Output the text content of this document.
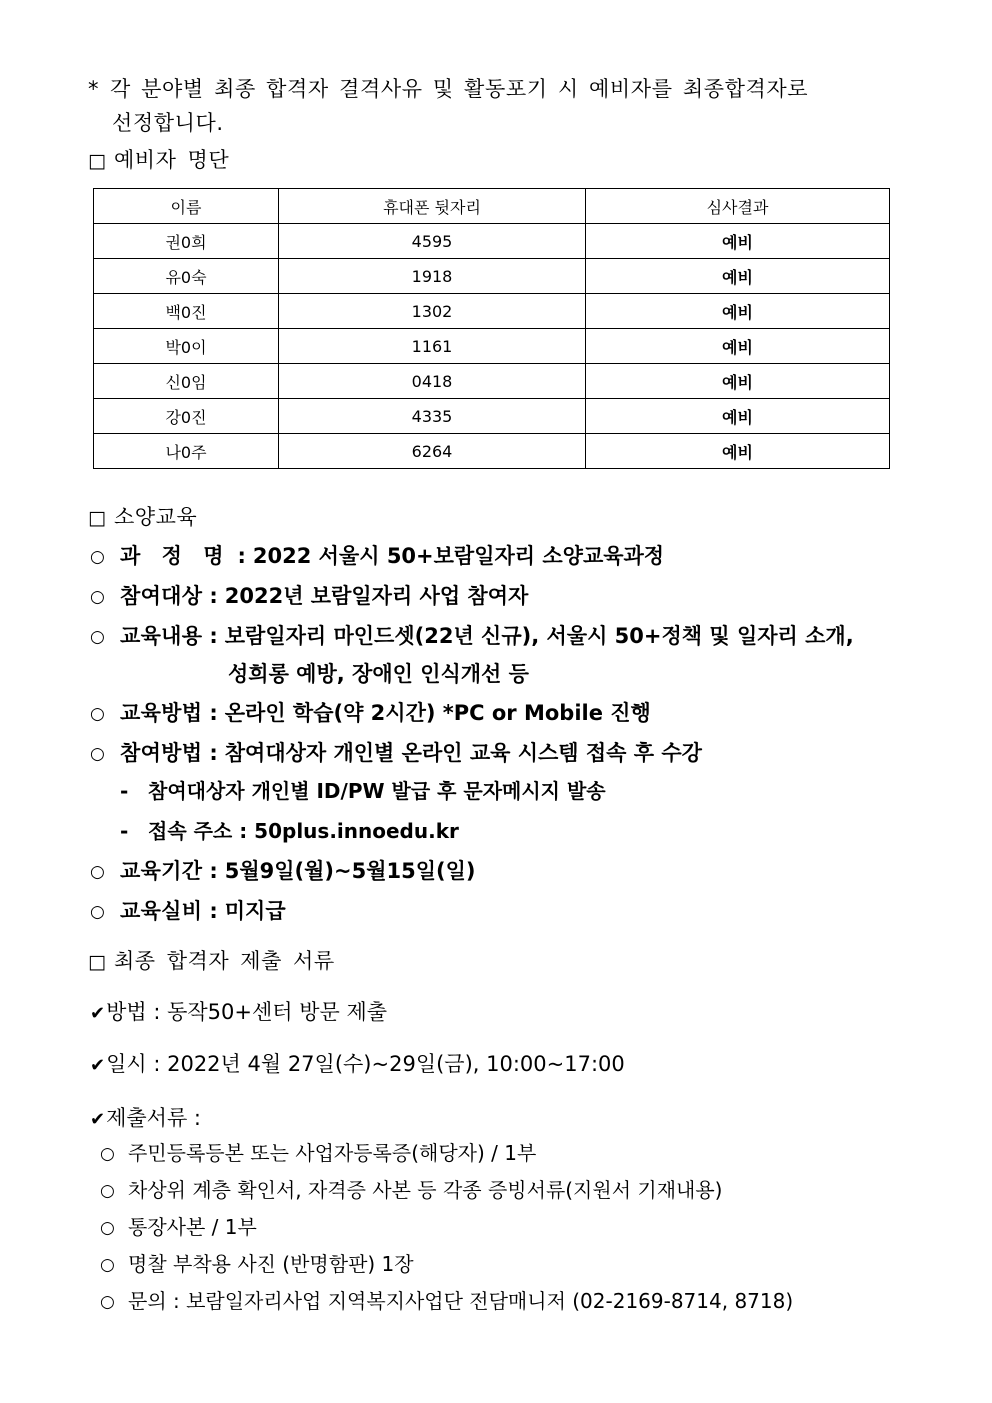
* 각 분야별 최종 합격자 결격사유 및 활동포기 시 예비자를 최종합격자로
선정합니다.
□ 예비자 명단
이름	휴대폰 뒷자리	심사결과
권0희	4595	예비
유0숙	1918	예비
백0진	1302	예비
박0이	1161	예비
신0임	0418	예비
강0진	4335	예비
나0주	6264	예비
□ 소양교육
○ 과 정 명 : 2022 서울시 50+보람일자리 소양교육과정
○ 참여대상 : 2022년 보람일자리 사업 참여자
○ 교육내용 : 보람일자리 마인드셋(22년 신규), 서울시 50+정책 및 일자리 소개,
성희롱 예방, 장애인 인식개선 등
○ 교육방법 : 온라인 학습(약 2시간) *PC or Mobile 진행
○ 참여방법 : 참여대상자 개인별 온라인 교육 시스템 접속 후 수강
- 참여대상자 개인별 ID/PW 발급 후 문자메시지 발송
- 접속 주소 : 50plus.innoedu.kr
○ 교육기간 : 5월9일(월)~5월15일(일)
○ 교육실비 : 미지급
□ 최종 합격자 제출 서류
✔방법 : 동작50+센터 방문 제출
✔일시 : 2022년 4월 27일(수)~29일(금), 10:00~17:00
✔제출서류 :
○ 주민등록등본 또는 사업자등록증(해당자) / 1부
○ 차상위 계층 확인서, 자격증 사본 등 각종 증빙서류(지원서 기재내용)
○ 통장사본 / 1부
○ 명찰 부착용 사진 (반명함판) 1장
○ 문의 : 보람일자리사업 지역복지사업단 전담매니저 (02-2169-8714, 8718)
